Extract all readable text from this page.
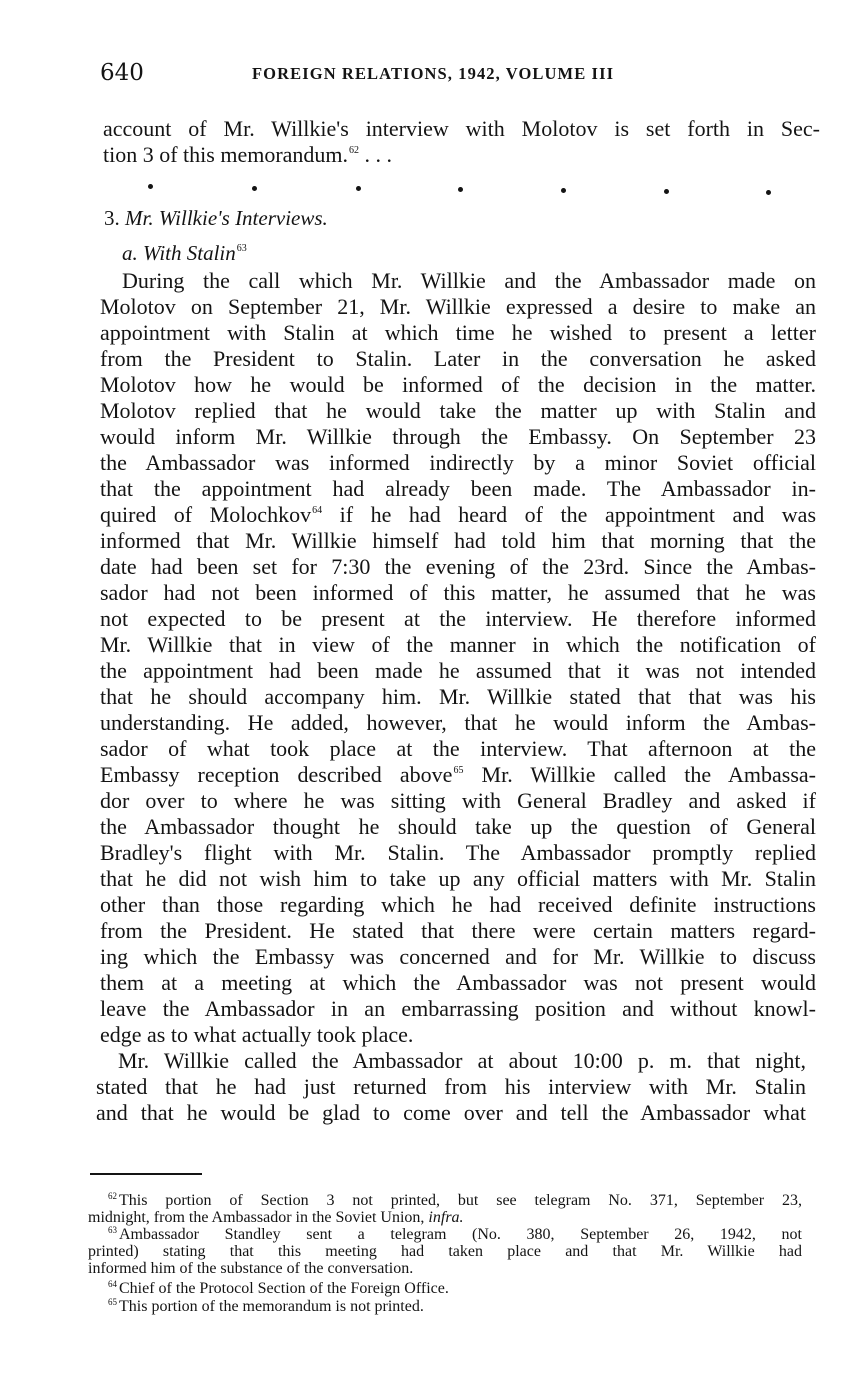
640	FOREIGN RELATIONS, 1942, VOLUME III
account of Mr. Willkie's interview with Molotov is set forth in Sec-
tion 3 of this memorandum.$^{62}$ . . .
3. Mr. Willkie's Interviews.
a. With Stalin$^{63}$
During the call which Mr. Willkie and the Ambassador made on
Molotov on September 21, Mr. Willkie expressed a desire to make an
appointment with Stalin at which time he wished to present a letter
from the President to Stalin. Later in the conversation he asked
Molotov how he would be informed of the decision in the matter.
Molotov replied that he would take the matter up with Stalin and
would inform Mr. Willkie through the Embassy. On September 23
the Ambassador was informed indirectly by a minor Soviet official
that the appointment had already been made. The Ambassador in-
quired of Molochkov$^{64}$ if he had heard of the appointment and was
informed that Mr. Willkie himself had told him that morning that the
date had been set for 7:30 the evening of the 23rd. Since the Ambas-
sador had not been informed of this matter, he assumed that he was
not expected to be present at the interview. He therefore informed
Mr. Willkie that in view of the manner in which the notification of
the appointment had been made he assumed that it was not intended
that he should accompany him. Mr. Willkie stated that that was his
understanding. He added, however, that he would inform the Ambas-
sador of what took place at the interview. That afternoon at the
Embassy reception described above$^{65}$ Mr. Willkie called the Ambassa-
dor over to where he was sitting with General Bradley and asked if
the Ambassador thought he should take up the question of General
Bradley's flight with Mr. Stalin. The Ambassador promptly replied
that he did not wish him to take up any official matters with Mr. Stalin
other than those regarding which he had received definite instructions
from the President. He stated that there were certain matters regard-
ing which the Embassy was concerned and for Mr. Willkie to discuss
them at a meeting at which the Ambassador was not present would
leave the Ambassador in an embarrassing position and without knowl-
edge as to what actually took place.
Mr. Willkie called the Ambassador at about 10:00 p. m. that night,
stated that he had just returned from his interview with Mr. Stalin
and that he would be glad to come over and tell the Ambassador what
$^{62}$ This portion of Section 3 not printed, but see telegram No. 371, September 23,
midnight, from the Ambassador in the Soviet Union, infra.
$^{63}$ Ambassador Standley sent a telegram (No. 380, September 26, 1942, not
printed) stating that this meeting had taken place and that Mr. Willkie had
informed him of the substance of the conversation.
$^{64}$ Chief of the Protocol Section of the Foreign Office.
$^{65}$ This portion of the memorandum is not printed.
